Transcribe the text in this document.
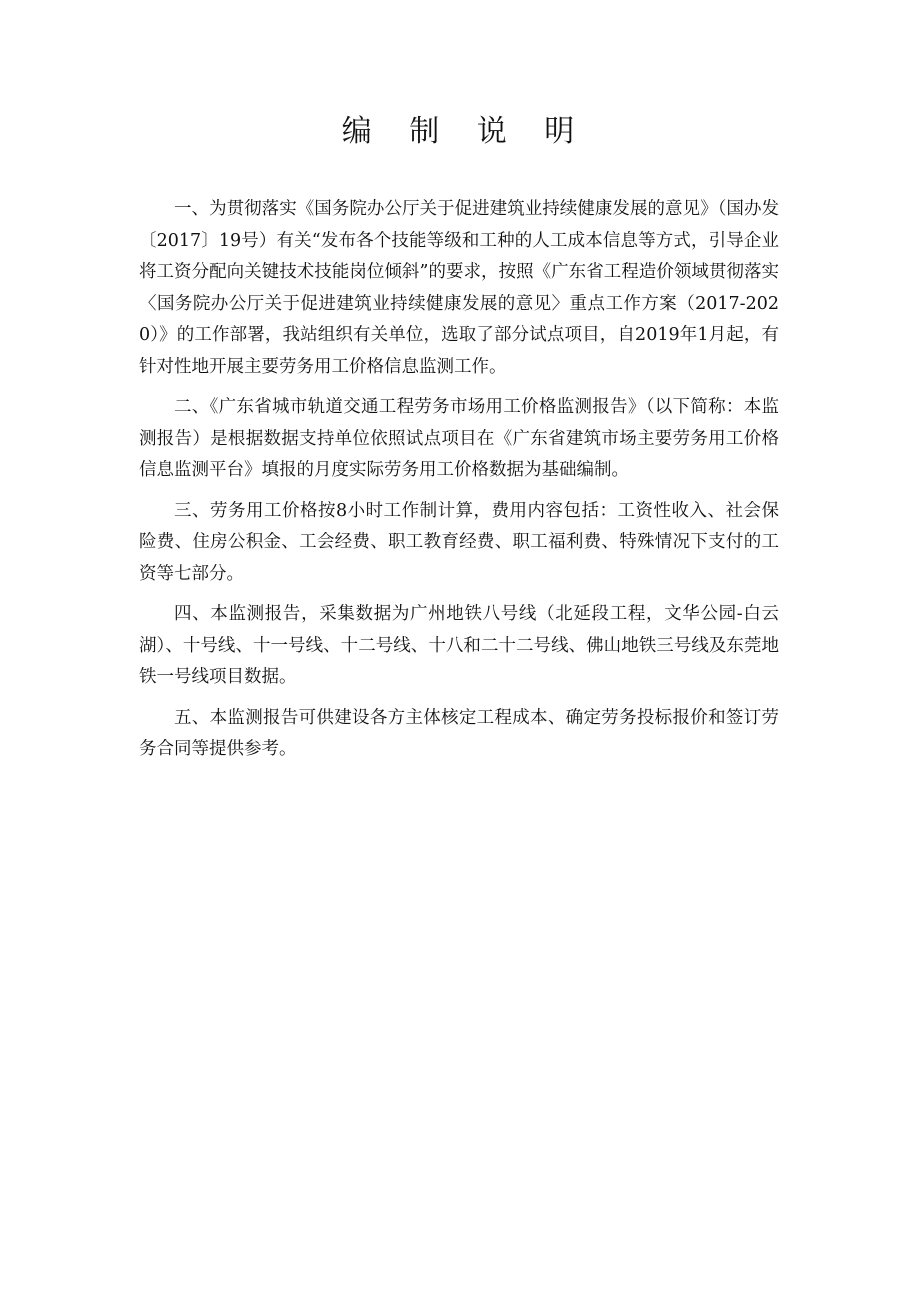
编 制 说 明

一、为贯彻落实《国务院办公厅关于促进建筑业持续健康发展的意见》（国办发〔2017〕19号）有关“发布各个技能等级和工种的人工成本信息等方式，引导企业将工资分配向关键技术技能岗位倾斜”的要求，按照《广东省工程造价领域贯彻落实〈国务院办公厅关于促进建筑业持续健康发展的意见〉重点工作方案（2017-2020）》的工作部署，我站组织有关单位，选取了部分试点项目，自2019年1月起，有针对性地开展主要劳务用工价格信息监测工作。

二、《广东省城市轨道交通工程劳务市场用工价格监测报告》（以下简称：本监测报告）是根据数据支持单位依照试点项目在《广东省建筑市场主要劳务用工价格信息监测平台》填报的月度实际劳务用工价格数据为基础编制。

三、劳务用工价格按8小时工作制计算，费用内容包括：工资性收入、社会保险费、住房公积金、工会经费、职工教育经费、职工福利费、特殊情况下支付的工资等七部分。

四、本监测报告，采集数据为广州地铁八号线（北延段工程，文华公园-白云湖）、十号线、十一号线、十二号线、十八和二十二号线、佛山地铁三号线及东莞地铁一号线项目数据。

五、本监测报告可供建设各方主体核定工程成本、确定劳务投标报价和签订劳务合同等提供参考。
